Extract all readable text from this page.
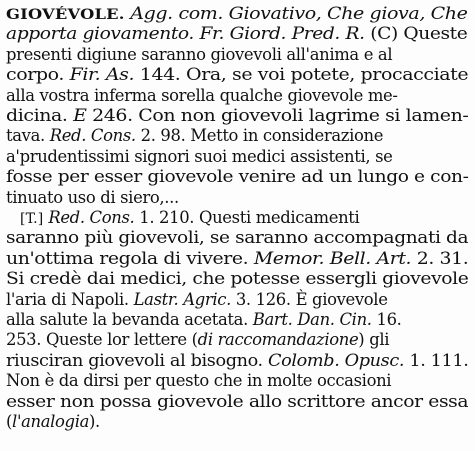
GIOVÉVOLE. Agg. com. Giovativo, Che giova, Che
apporta giovamento. Fr. Giord. Pred. R. (C) Queste
presenti digiune saranno giovevoli all'anima e al
corpo. Fir. As. 144. Ora, se voi potete, procacciate
alla vostra inferma sorella qualche giovevole me-
dicina. E 246. Con non giovevoli lagrime si lamen-
tava. Red. Cons. 2. 98. Metto in considerazione
a'prudentissimi signori suoi medici assistenti, se
fosse per esser giovevole venire ad un lungo e con-
tinuato uso di siero,...
[T.] Red. Cons. 1. 210. Questi medicamenti
saranno più giovevoli, se saranno accompagnati da
un'ottima regola di vivere. Memor. Bell. Art. 2. 31.
Si credè dai medici, che potesse essergli giovevole
l'aria di Napoli. Lastr. Agric. 3. 126. È giovevole
alla salute la bevanda acetata. Bart. Dan. Cin. 16.
253. Queste lor lettere (di raccomandazione) gli
riusciran giovevoli al bisogno. Colomb. Opusc. 1. 111.
Non è da dirsi per questo che in molte occasioni
esser non possa giovevole allo scrittore ancor essa
(l'analogia).
